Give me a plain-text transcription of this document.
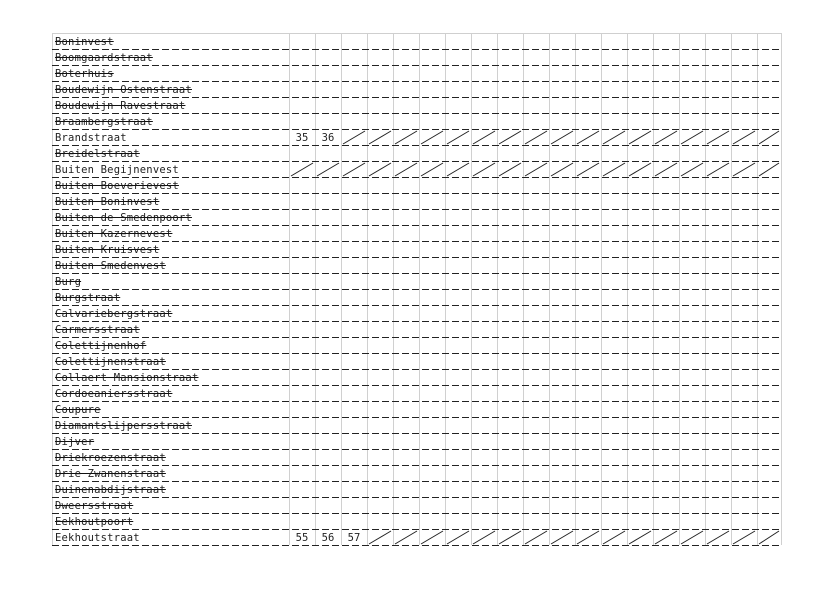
Boninvest
Boomgaardstraat
Boterhuis
Boudewijn Ostenstraat
Boudewijn Ravestraat
Braambergstraat
Brandstraat	35	36
Breidelstraat
Buiten Begijnenvest
Buiten Boeverievest
Buiten Boninvest
Buiten de Smedenpoort
Buiten Kazernevest
Buiten Kruisvest
Buiten Smedenvest
Burg
Burgstraat
Calvariebergstraat
Carmersstraat
Colettijnenhof
Colettijnenstraat
Collaert Mansionstraat
Cordoeaniersstraat
Coupure
Diamantslijpersstraat
Dijver
Driekroezenstraat
Drie Zwanenstraat
Duinenabdijstraat
Dweersstraat
Eekhoutpoort
Eekhoutstraat	55	56	57
